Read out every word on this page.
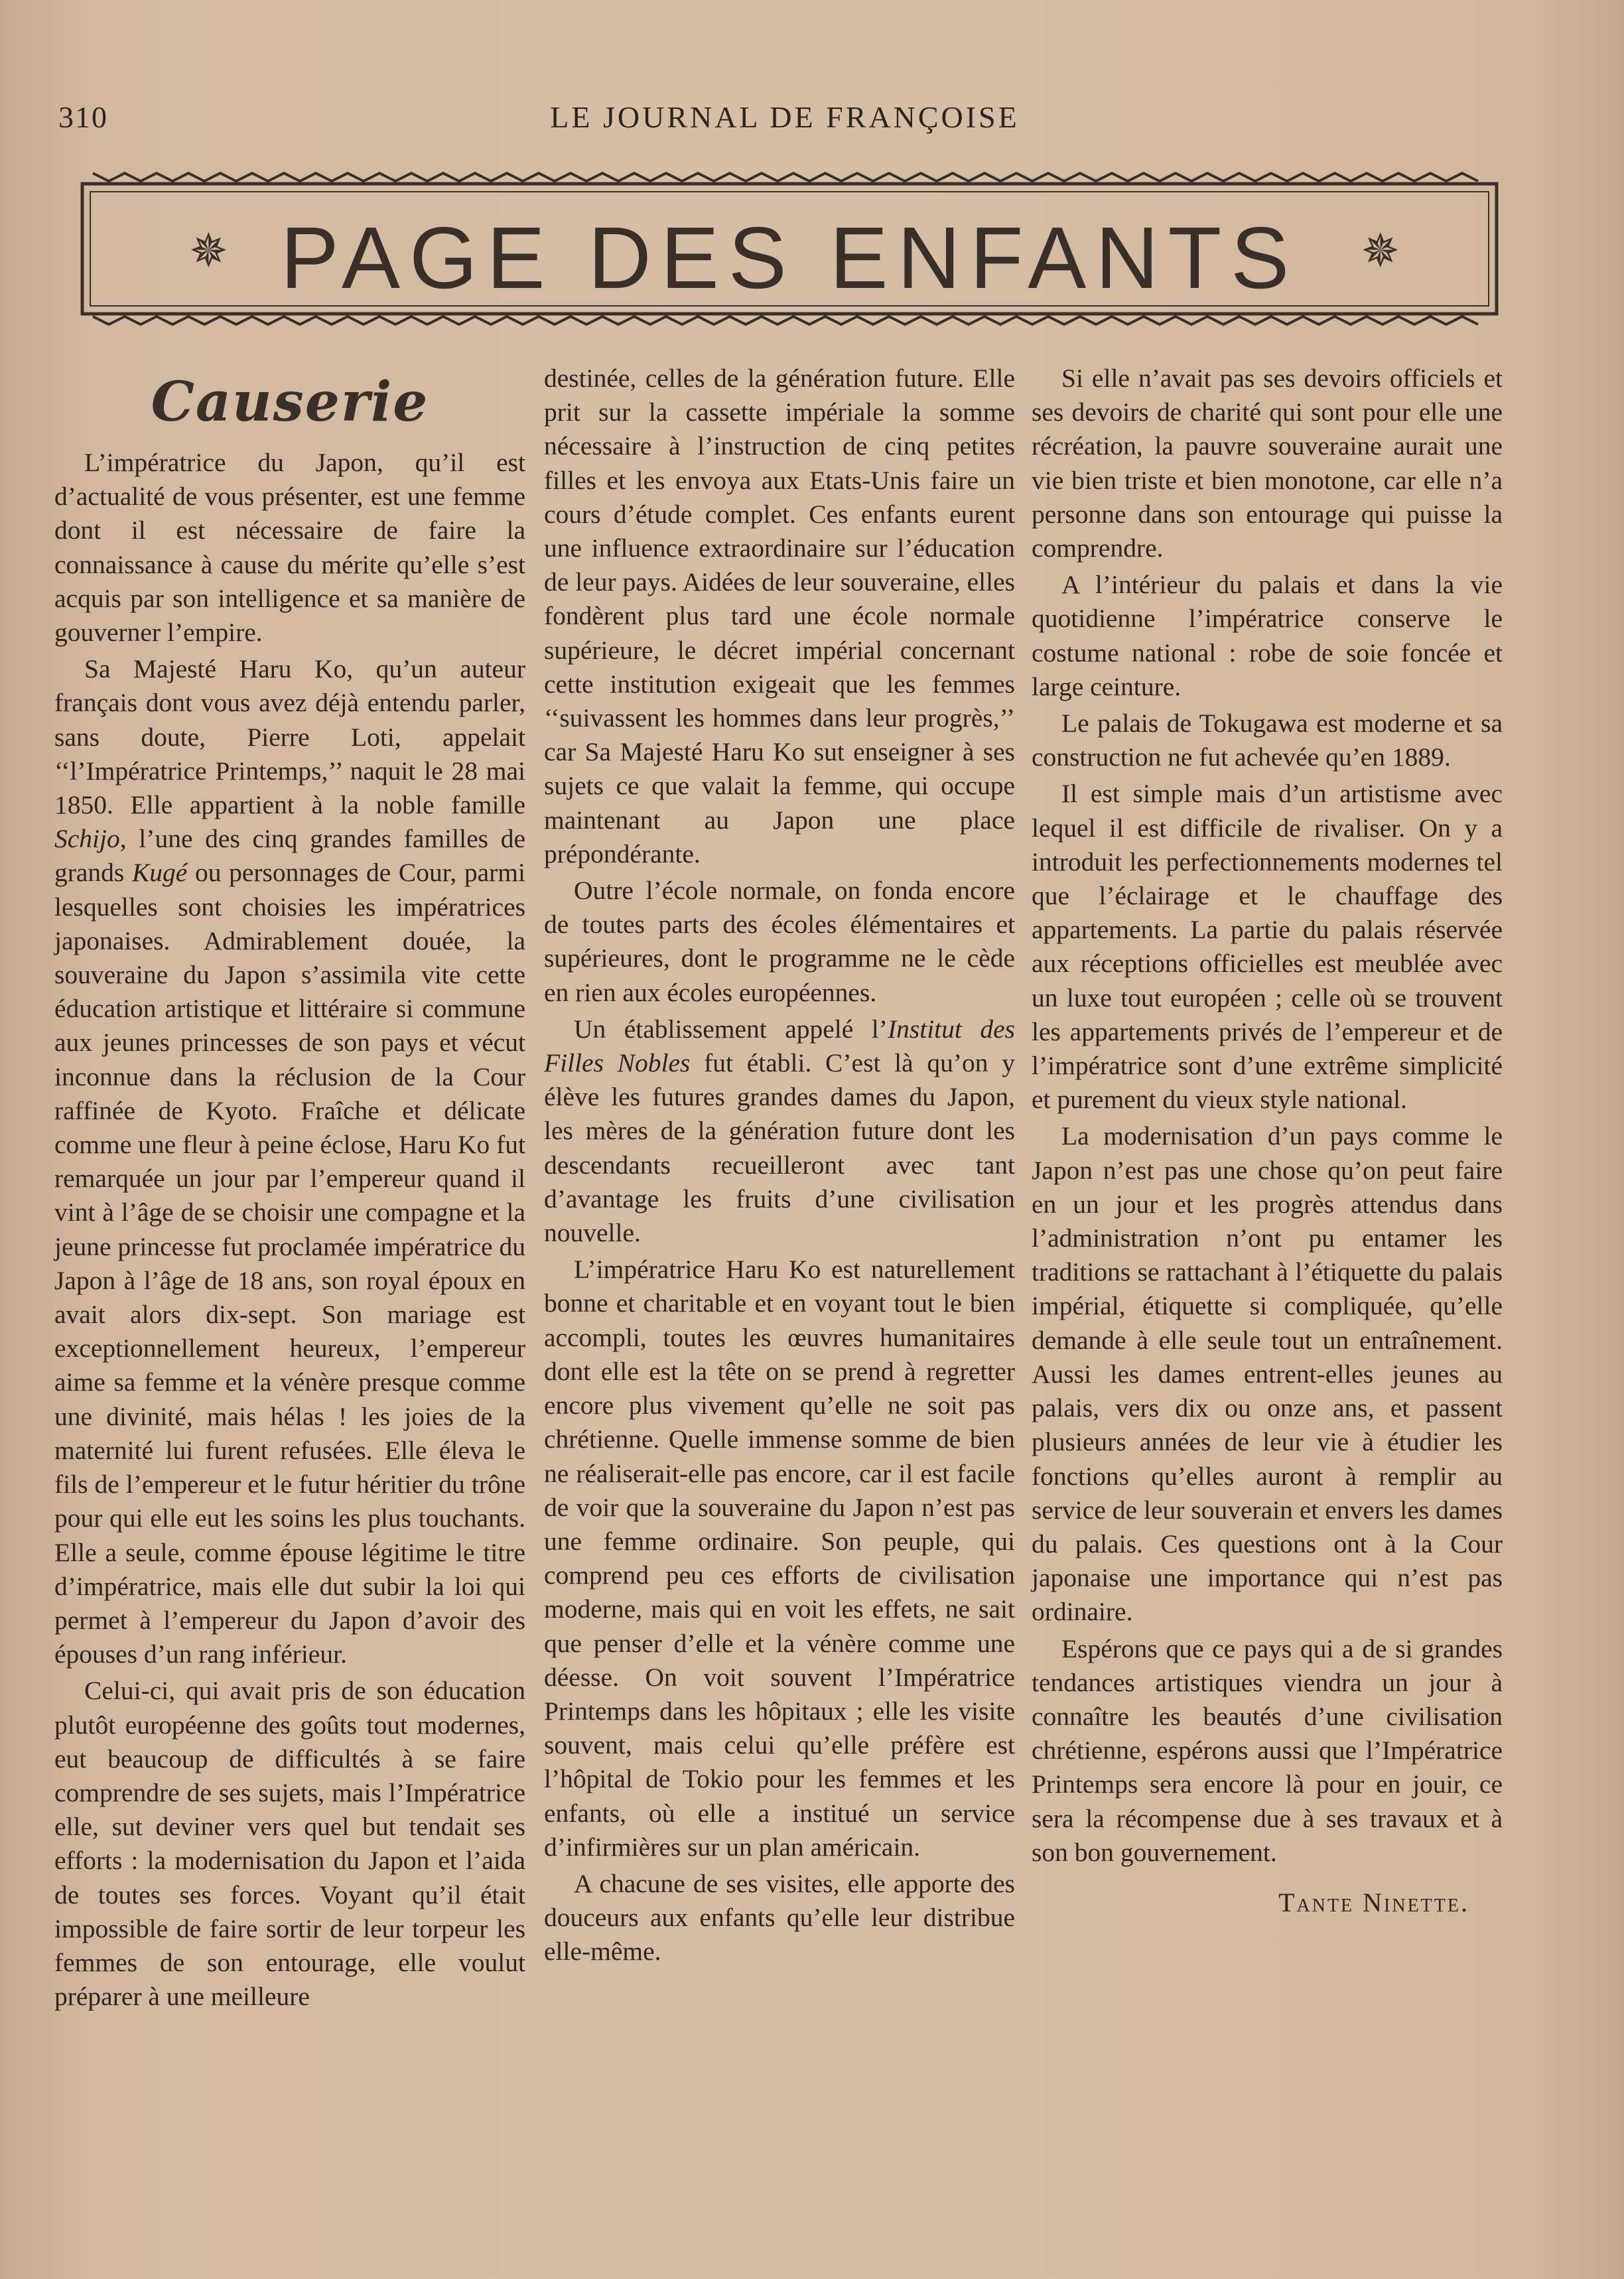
310	LE JOURNAL DE FRANÇOISE
✵ PAGE DES ENFANTS	✵
Causerie

L’impératrice du Japon, qu’il est d’actualité de vous présenter, est une femme dont il est nécessaire de faire la connaissance à cause du mérite qu’elle s’est acquis par son intelligence et sa manière de gouverner l’empire.

Sa Majesté Haru Ko, qu’un auteur français dont vous avez déjà entendu parler, sans doute, Pierre Loti, appelait ‘‘l’Impératrice Printemps,’’ naquit le 28 mai 1850. Elle appartient à la noble famille Schijo, l’une des cinq grandes familles de grands Kugé ou personnages de Cour, parmi lesquelles sont choisies les impératrices japonaises. Admirablement douée, la souveraine du Japon s’assimila vite cette éducation artistique et littéraire si commune aux jeunes princesses de son pays et vécut inconnue dans la réclusion de la Cour raffinée de Kyoto. Fraîche et délicate comme une fleur à peine éclose, Haru Ko fut remarquée un jour par l’empereur quand il vint à l’âge de se choisir une compagne et la jeune princesse fut proclamée impératrice du Japon à l’âge de 18 ans, son royal époux en avait alors dix-sept. Son mariage est exceptionnellement heureux, l’empereur aime sa femme et la vénère presque comme une divinité, mais hélas ! les joies de la maternité lui furent refusées. Elle éleva le fils de l’empereur et le futur héritier du trône pour qui elle eut les soins les plus touchants. Elle a seule, comme épouse légitime le titre d’impératrice, mais elle dut subir la loi qui permet à l’empereur du Japon d’avoir des épouses d’un rang inférieur.

Celui-ci, qui avait pris de son éducation plutôt européenne des goûts tout modernes, eut beaucoup de difficultés à se faire comprendre de ses sujets, mais l’Impératrice elle, sut deviner vers quel but tendait ses efforts : la modernisation du Japon et l’aida de toutes ses forces. Voyant qu’il était impossible de faire sortir de leur torpeur les femmes de son entourage, elle voulut préparer à une meilleure

destinée, celles de la génération future. Elle prit sur la cassette impériale la somme nécessaire à l’instruction de cinq petites filles et les envoya aux Etats-Unis faire un cours d’étude complet. Ces enfants eurent une influence extraordinaire sur l’éducation de leur pays. Aidées de leur souveraine, elles fondèrent plus tard une école normale supérieure, le décret impérial concernant cette institution exigeait que les femmes ‘‘suivassent les hommes dans leur progrès,’’ car Sa Majesté Haru Ko sut enseigner à ses sujets ce que valait la femme, qui occupe maintenant au Japon une place prépondérante.

Outre l’école normale, on fonda encore de toutes parts des écoles élémentaires et supérieures, dont le programme ne le cède en rien aux écoles européennes.

Un établissement appelé l’Institut des Filles Nobles fut établi. C’est là qu’on y élève les futures grandes dames du Japon, les mères de la génération future dont les descendants recueilleront avec tant d’avantage les fruits d’une civilisation nouvelle.

L’impératrice Haru Ko est naturellement bonne et charitable et en voyant tout le bien accompli, toutes les œuvres humanitaires dont elle est la tête on se prend à regretter encore plus vivement qu’elle ne soit pas chrétienne. Quelle immense somme de bien ne réaliserait-elle pas encore, car il est facile de voir que la souveraine du Japon n’est pas une femme ordinaire. Son peuple, qui comprend peu ces efforts de civilisation moderne, mais qui en voit les effets, ne sait que penser d’elle et la vénère comme une déesse. On voit souvent l’Impératrice Printemps dans les hôpitaux ; elle les visite souvent, mais celui qu’elle préfère est l’hôpital de Tokio pour les femmes et les enfants, où elle a institué un service d’infirmières sur un plan américain.

A chacune de ses visites, elle apporte des douceurs aux enfants qu’elle leur distribue elle-même.

Si elle n’avait pas ses devoirs officiels et ses devoirs de charité qui sont pour elle une récréation, la pauvre souveraine aurait une vie bien triste et bien monotone, car elle n’a personne dans son entourage qui puisse la comprendre.

A l’intérieur du palais et dans la vie quotidienne l’impératrice conserve le costume national : robe de soie foncée et large ceinture.

Le palais de Tokugawa est moderne et sa construction ne fut achevée qu’en 1889.

Il est simple mais d’un artistisme avec lequel il est difficile de rivaliser. On y a introduit les perfectionnements modernes tel que l’éclairage et le chauffage des appartements. La partie du palais réservée aux réceptions officielles est meublée avec un luxe tout européen ; celle où se trouvent les appartements privés de l’empereur et de l’impératrice sont d’une extrême simplicité et purement du vieux style national.

La modernisation d’un pays comme le Japon n’est pas une chose qu’on peut faire en un jour et les progrès attendus dans l’administration n’ont pu entamer les traditions se rattachant à l’étiquette du palais impérial, étiquette si compliquée, qu’elle demande à elle seule tout un entraînement. Aussi les dames entrent-elles jeunes au palais, vers dix ou onze ans, et passent plusieurs années de leur vie à étudier les fonctions qu’elles auront à remplir au service de leur souverain et envers les dames du palais. Ces questions ont à la Cour japonaise une importance qui n’est pas ordinaire.

Espérons que ce pays qui a de si grandes tendances artistiques viendra un jour à connaître les beautés d’une civilisation chrétienne, espérons aussi que l’Impératrice Printemps sera encore là pour en jouir, ce sera la récompense due à ses travaux et à son bon gouvernement.

Tante Ninette.
